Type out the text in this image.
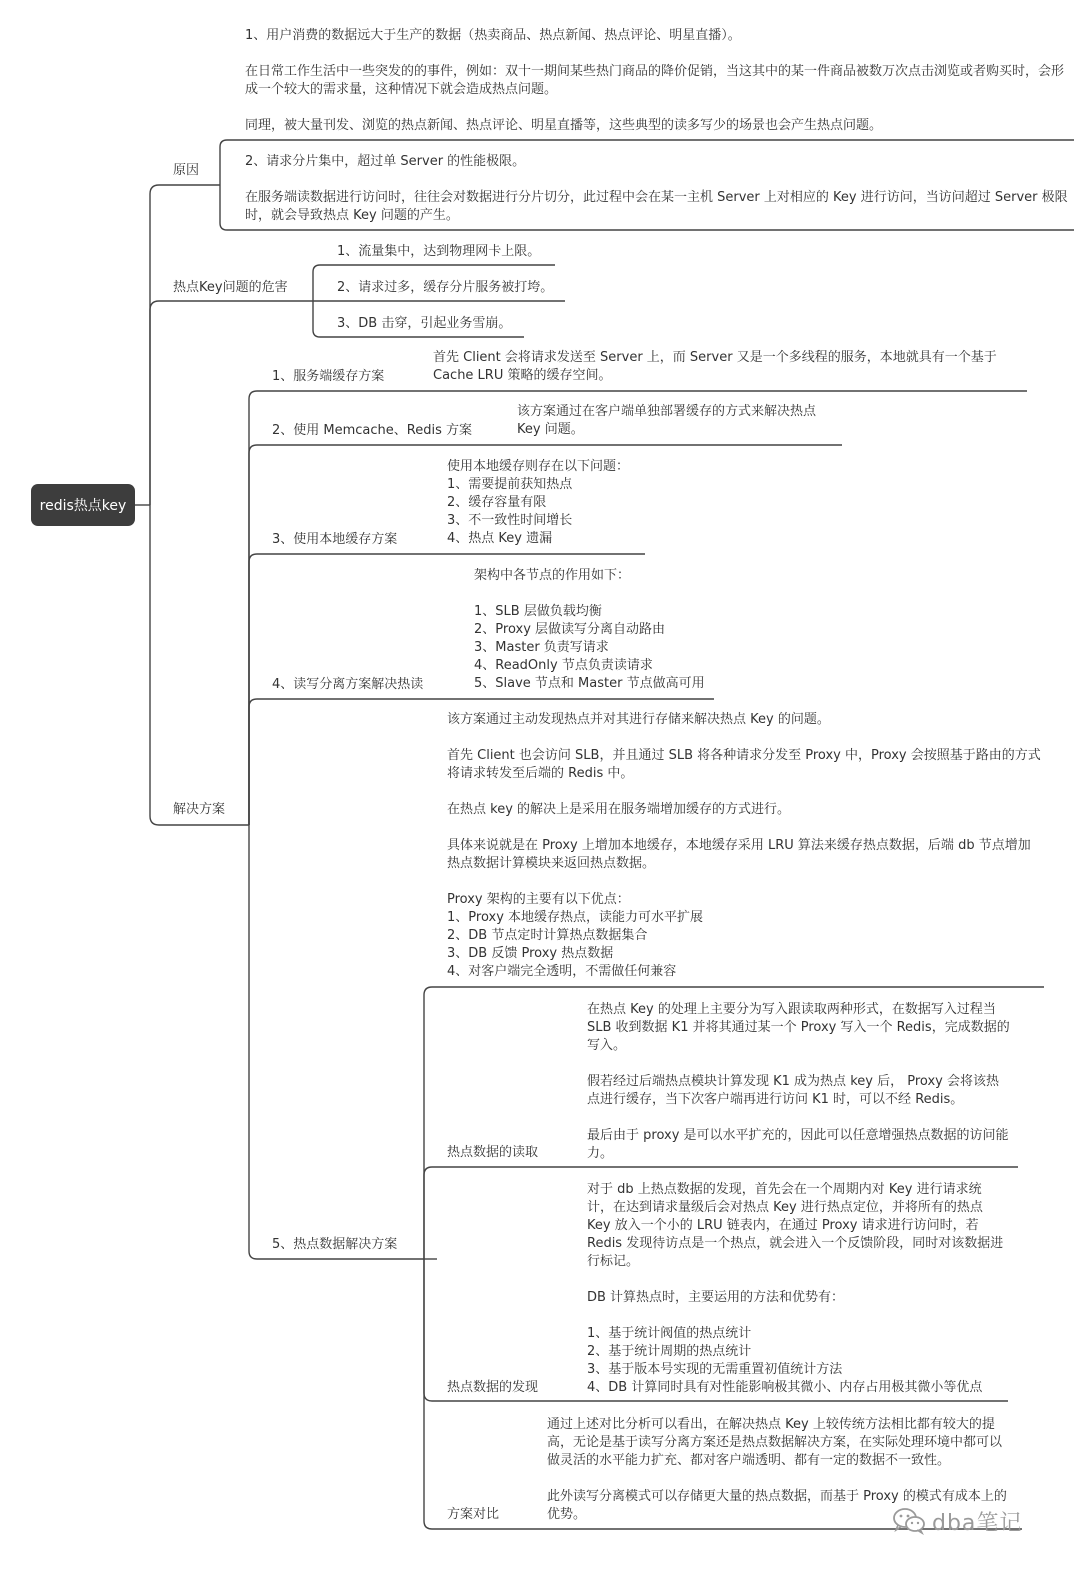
redis热点key

原因

1、用户消费的数据远大于生产的数据（热卖商品、热点新闻、热点评论、明星直播）。

在日常工作生活中一些突发的的事件，例如：双十一期间某些热门商品的降价促销，当这其中的某一件商品被数万次点击浏览或者购买时，会形成一个较大的需求量，这种情况下就会造成热点问题。

同理，被大量刊发、浏览的热点新闻、热点评论、明星直播等，这些典型的读多写少的场景也会产生热点问题。

2、请求分片集中，超过单 Server 的性能极限。

在服务端读数据进行访问时，往往会对数据进行分片切分，此过程中会在某一主机 Server 上对相应的 Key 进行访问，当访问超过 Server 极限时，就会导致热点 Key 问题的产生。

热点Key问题的危害

1、流量集中，达到物理网卡上限。

2、请求过多，缓存分片服务被打垮。

3、DB 击穿，引起业务雪崩。

解决方案

1、服务端缓存方案

首先 Client 会将请求发送至 Server 上，而 Server 又是一个多线程的服务，本地就具有一个基于 Cache LRU 策略的缓存空间。

2、使用 Memcache、Redis 方案

该方案通过在客户端单独部署缓存的方式来解决热点 Key 问题。

3、使用本地缓存方案

使用本地缓存则存在以下问题：
1、需要提前获知热点
2、缓存容量有限
3、不一致性时间增长
4、热点 Key 遗漏

4、读写分离方案解决热读

架构中各节点的作用如下：

1、SLB 层做负载均衡
2、Proxy 层做读写分离自动路由
3、Master 负责写请求
4、ReadOnly 节点负责读请求
5、Slave 节点和 Master 节点做高可用

5、热点数据解决方案

该方案通过主动发现热点并对其进行存储来解决热点 Key 的问题。

首先 Client 也会访问 SLB，并且通过 SLB 将各种请求分发至 Proxy 中，Proxy 会按照基于路由的方式将请求转发至后端的 Redis 中。

在热点 key 的解决上是采用在服务端增加缓存的方式进行。

具体来说就是在 Proxy 上增加本地缓存，本地缓存采用 LRU 算法来缓存热点数据，后端 db 节点增加热点数据计算模块来返回热点数据。

Proxy 架构的主要有以下优点：
1、Proxy 本地缓存热点，读能力可水平扩展
2、DB 节点定时计算热点数据集合
3、DB 反馈 Proxy 热点数据
4、对客户端完全透明，不需做任何兼容

热点数据的读取

在热点 Key 的处理上主要分为写入跟读取两种形式，在数据写入过程当 SLB 收到数据 K1 并将其通过某一个 Proxy 写入一个 Redis，完成数据的写入。

假若经过后端热点模块计算发现 K1 成为热点 key 后， Proxy 会将该热点进行缓存，当下次客户端再进行访问 K1 时，可以不经 Redis。

最后由于 proxy 是可以水平扩充的，因此可以任意增强热点数据的访问能力。

热点数据的发现

对于 db 上热点数据的发现，首先会在一个周期内对 Key 进行请求统计，在达到请求量级后会对热点 Key 进行热点定位，并将所有的热点 Key 放入一个小的 LRU 链表内，在通过 Proxy 请求进行访问时，若 Redis 发现待访点是一个热点，就会进入一个反馈阶段，同时对该数据进行标记。

DB 计算热点时，主要运用的方法和优势有：

1、基于统计阀值的热点统计
2、基于统计周期的热点统计
3、基于版本号实现的无需重置初值统计方法
4、DB 计算同时具有对性能影响极其微小、内存占用极其微小等优点

方案对比

通过上述对比分析可以看出，在解决热点 Key 上较传统方法相比都有较大的提高，无论是基于读写分离方案还是热点数据解决方案，在实际处理环境中都可以做灵活的水平能力扩充、都对客户端透明、都有一定的数据不一致性。

此外读写分离模式可以存储更大量的热点数据，而基于 Proxy 的模式有成本上的优势。	dba笔记
